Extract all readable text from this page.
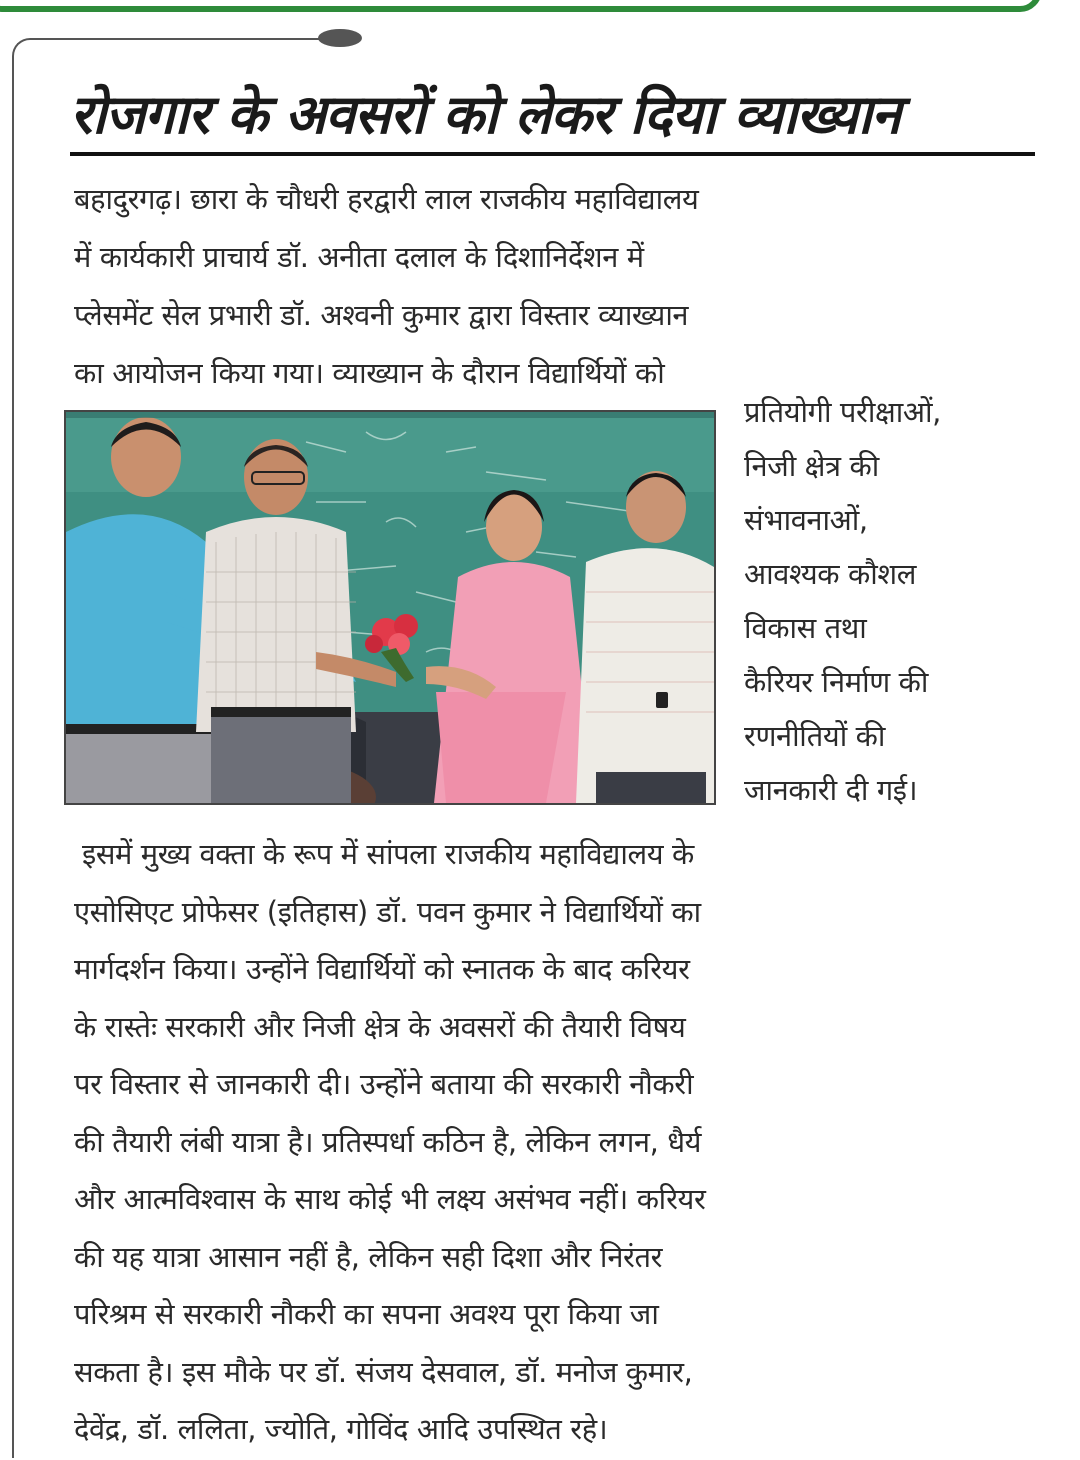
रोजगार के अवसरों को लेकर दिया व्याख्यान
बहादुरगढ़। छारा के चौधरी हरद्वारी लाल राजकीय महाविद्यालय
में कार्यकारी प्राचार्य डॉ. अनीता दलाल के दिशानिर्देशन में
प्लेसमेंट सेल प्रभारी डॉ. अश्वनी कुमार द्वारा विस्तार व्याख्यान
का आयोजन किया गया। व्याख्यान के दौरान विद्यार्थियों को
प्रतियोगी परीक्षाओं,
निजी क्षेत्र की
संभावनाओं,
आवश्यक कौशल
विकास तथा
कैरियर निर्माण की
रणनीतियों की
जानकारी दी गई।
इसमें मुख्य वक्ता के रूप में सांपला राजकीय महाविद्यालय के
एसोसिएट प्रोफेसर (इतिहास) डॉ. पवन कुमार ने विद्यार्थियों का
मार्गदर्शन किया। उन्होंने विद्यार्थियों को स्नातक के बाद करियर
के रास्तेः सरकारी और निजी क्षेत्र के अवसरों की तैयारी विषय
पर विस्तार से जानकारी दी। उन्होंने बताया की सरकारी नौकरी
की तैयारी लंबी यात्रा है। प्रतिस्पर्धा कठिन है, लेकिन लगन, धैर्य
और आत्मविश्वास के साथ कोई भी लक्ष्य असंभव नहीं। करियर
की यह यात्रा आसान नहीं है, लेकिन सही दिशा और निरंतर
परिश्रम से सरकारी नौकरी का सपना अवश्य पूरा किया जा
सकता है। इस मौके पर डॉ. संजय देसवाल, डॉ. मनोज कुमार,
देवेंद्र, डॉ. ललिता, ज्योति, गोविंद आदि उपस्थित रहे।
